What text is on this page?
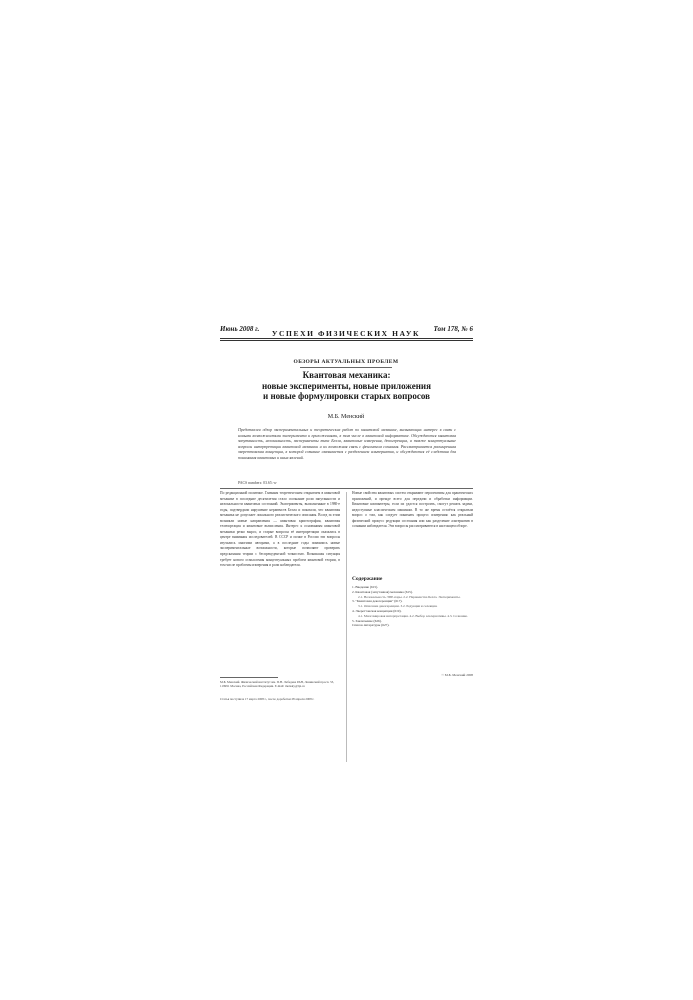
Июнь 2008 г.	УСПЕХИ ФИЗИЧЕСКИХ НАУК	Том 178, № 6
ОБЗОРЫ АКТУАЛЬНЫХ ПРОБЛЕМ
Квантовая механика:
новые эксперименты, новые приложения
и новые формулировки старых вопросов
М.Б. Менский
Представлен обзор экспериментальных и теоретических работ по квантовой механике, вызывающих интерес в связи с новыми возможностями эксперимента и приложениями, в том числе в квантовой информатике. Обсуждаются квантовая запутанность, нелокальность, эксперименты типа Белла, квантовые измерения, декогеренция, а также концептуальные вопросы интерпретации квантовой механики и их возможная связь с феноменом сознания. Рассматривается расширенная эвереттовская концепция, в которой сознание связывается с разделением альтернатив, и обсуждаются её следствия для понимания квантовых и иных явлений.
PACS numbers: 03.65.-w
По редакционной политике. Главным теоретическим открытием в квантовой механике в последние десятилетия стало осознание роли запутанности и нелокальности квантовых состояний. Эксперименты, выполненные в 1980-е годы, подтвердили нарушение неравенств Белла и показали, что квантовая механика не допускает локального реалистического описания. Вслед за этим возникли новые направления — квантовая криптография, квантовая телепортация и квантовые вычисления. Интерес к основаниям квантовой механики резко вырос, и старые вопросы её интерпретации оказались в центре внимания исследователей. В СССР и позже в России эти вопросы изучались многими авторами, а в последние годы появились новые экспериментальные возможности, которые позволяют проверять предсказания теории с беспрецедентной точностью. Возникшая ситуация требует нового осмысления концептуальных проблем квантовой теории, в том числе проблемы измерения и роли наблюдателя.
Новые свойства квантовых систем открывают перспективы для практических приложений, и прежде всего для передачи и обработки информации. Квантовые компьютеры, если их удастся построить, смогут решать задачи, недоступные классическим машинам. В то же время остаётся открытым вопрос о том, как следует понимать процесс измерения: как реальный физический процесс редукции состояния или как разделение альтернатив в сознании наблюдателя. Эти вопросы рассматриваются в настоящем обзоре.
М.Б. Менский. Физический институт им. П.Н. Лебедева РАН, Ленинский просп. 53, 119991 Москва, Российская Федерация. E-mail: mensky@lpi.ru
Статья поступила 17 марта 2008 г., после доработки 28 апреля 2008 г.
Содержание
1. Введение (615).
2. Квантовая (запутанная) механика (615).
2.1. Нелокальность ЭПР-пары. 2.2. Неравенства Белла. Эксперименты.
3. "Квантовая декогеренция" (617).
3.1. Описание декогеренции. 3.2. Редукция и селекция.
4. Эвереттовская концепция (619).
4.1. Многомировая интерпретация. 4.2. Выбор альтернативы. 4.3. Сознание.
5. Заключение (626).
Список литературы (627).
© М.Б. Менский 2008
